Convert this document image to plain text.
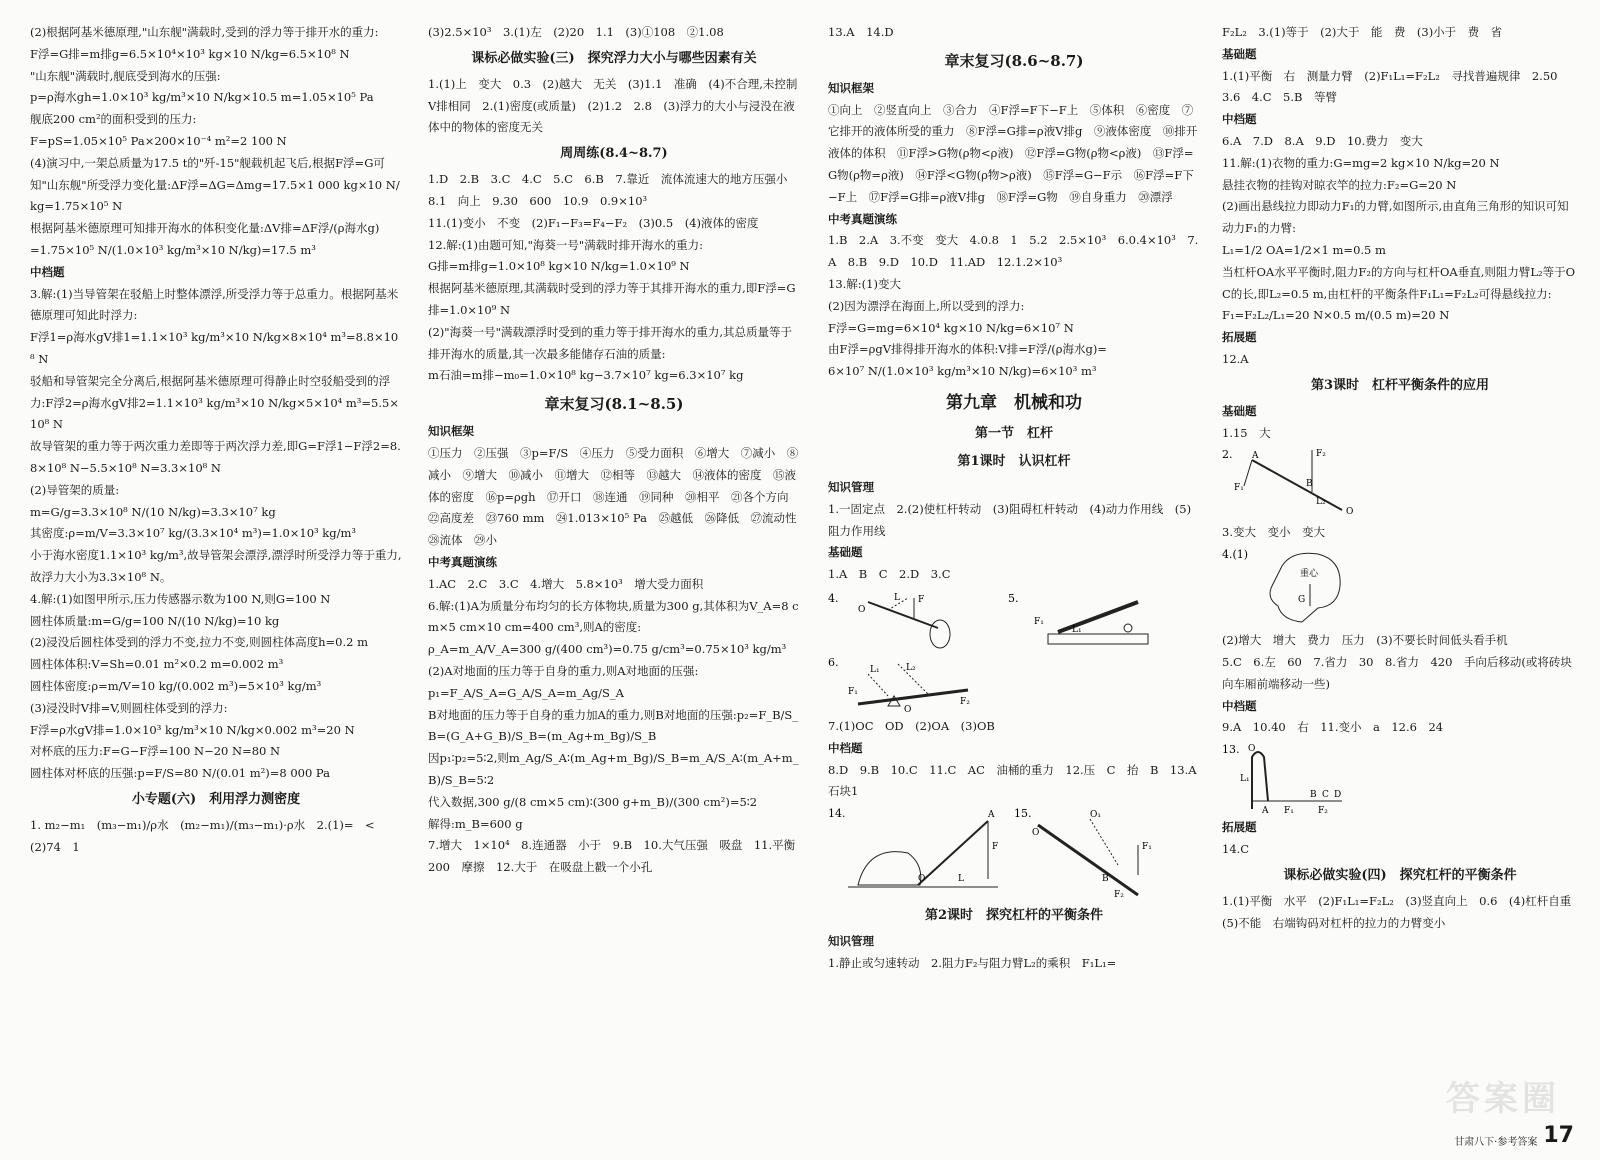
(2)根据阿基米德原理,"山东舰"满载时,受到的浮力等于排开水的重力:

F浮=G排=m排g=6.5×10⁴×10³ kg×10 N/kg=6.5×10⁸ N

"山东舰"满载时,舰底受到海水的压强:

p=ρ海水gh=1.0×10³ kg/m³×10 N/kg×10.5 m=1.05×10⁵ Pa

舰底200 cm²的面积受到的压力:

F=pS=1.05×10⁵ Pa×200×10⁻⁴ m²=2 100 N

(4)演习中,一架总质量为17.5 t的"歼-15"舰载机起飞后,根据F浮=G可知"山东舰"所受浮力变化量:ΔF浮=ΔG=Δmg=17.5×1 000 kg×10 N/kg=1.75×10⁵ N

根据阿基米德原理可知排开海水的体积变化量:ΔV排=ΔF浮/(ρ海水g)

=1.75×10⁵ N/(1.0×10³ kg/m³×10 N/kg)=17.5 m³

中档题

3.解:(1)当导管架在驳船上时整体漂浮,所受浮力等于总重力。根据阿基米德原理可知此时浮力:

F浮1=ρ海水gV排1=1.1×10³ kg/m³×10 N/kg×8×10⁴ m³=8.8×10⁸ N

驳船和导管架完全分离后,根据阿基米德原理可得静止时空驳船受到的浮力:F浮2=ρ海水gV排2=1.1×10³ kg/m³×10 N/kg×5×10⁴ m³=5.5×10⁸ N

故导管架的重力等于两次重力差即等于两次浮力差,即G=F浮1−F浮2=8.8×10⁸ N−5.5×10⁸ N=3.3×10⁸ N

(2)导管架的质量:

m=G/g=3.3×10⁸ N/(10 N/kg)=3.3×10⁷ kg

其密度:ρ=m/V=3.3×10⁷ kg/(3.3×10⁴ m³)=1.0×10³ kg/m³

小于海水密度1.1×10³ kg/m³,故导管架会漂浮,漂浮时所受浮力等于重力,故浮力大小为3.3×10⁸ N。

4.解:(1)如图甲所示,压力传感器示数为100 N,则G=100 N

圆柱体质量:m=G/g=100 N/(10 N/kg)=10 kg

(2)浸没后圆柱体受到的浮力不变,拉力不变,则圆柱体高度h=0.2 m

圆柱体体积:V=Sh=0.01 m²×0.2 m=0.002 m³

圆柱体密度:ρ=m/V=10 kg/(0.002 m³)=5×10³ kg/m³

(3)浸没时V排=V,则圆柱体受到的浮力:

F浮=ρ水gV排=1.0×10³ kg/m³×10 N/kg×0.002 m³=20 N

对杯底的压力:F=G−F浮=100 N−20 N=80 N

圆柱体对杯底的压强:p=F/S=80 N/(0.01 m²)=8 000 Pa

小专题(六)　利用浮力测密度

1. m₂−m₁　(m₃−m₁)/ρ水　(m₂−m₁)/(m₃−m₁)·ρ水　2.(1)=　<　(2)74　1

(3)2.5×10³　3.(1)左　(2)20　1.1　(3)①108　②1.08

课标必做实验(三)　探究浮力大小与哪些因素有关

1.(1)上　变大　0.3　(2)越大　无关　(3)1.1　准确　(4)不合理,未控制V排相同　2.(1)密度(或质量)　(2)1.2　2.8　(3)浮力的大小与浸没在液体中的物体的密度无关

周周练(8.4~8.7)

1.D　2.B　3.C　4.C　5.C　6.B　7.靠近　流体流速大的地方压强小　8.1　向上　9.30　600　10.9　0.9×10³

11.(1)变小　不变　(2)F₁−F₃=F₄−F₂　(3)0.5　(4)液体的密度

12.解:(1)由题可知,"海葵一号"满载时排开海水的重力:

G排=m排g=1.0×10⁸ kg×10 N/kg=1.0×10⁹ N

根据阿基米德原理,其满载时受到的浮力等于其排开海水的重力,即F浮=G排=1.0×10⁹ N

(2)"海葵一号"满载漂浮时受到的重力等于排开海水的重力,其总质量等于排开海水的质量,其一次最多能储存石油的质量:

m石油=m排−m₀=1.0×10⁸ kg−3.7×10⁷ kg=6.3×10⁷ kg

章末复习(8.1~8.5)

知识框架

①压力　②压强　③p=F/S　④压力　⑤受力面积　⑥增大　⑦减小　⑧减小　⑨增大　⑩减小　⑪增大　⑫相等　⑬越大　⑭液体的密度　⑮液体的密度　⑯p=ρgh　⑰开口　⑱连通　⑲同种　⑳相平　㉑各个方向　㉒高度差　㉓760 mm　㉔1.013×10⁵ Pa　㉕越低　㉖降低　㉗流动性　㉘流体　㉙小

中考真题演练

1.AC　2.C　3.C　4.增大　5.8×10³　增大受力面积

6.解:(1)A为质量分布均匀的长方体物块,质量为300 g,其体积为V_A=8 cm×5 cm×10 cm=400 cm³,则A的密度:

ρ_A=m_A/V_A=300 g/(400 cm³)=0.75 g/cm³=0.75×10³ kg/m³

(2)A对地面的压力等于自身的重力,则A对地面的压强:

p₁=F_A/S_A=G_A/S_A=m_Ag/S_A

B对地面的压力等于自身的重力加A的重力,则B对地面的压强:p₂=F_B/S_B=(G_A+G_B)/S_B=(m_Ag+m_Bg)/S_B

因p₁∶p₂=5∶2,则m_Ag/S_A∶(m_Ag+m_Bg)/S_B=m_A/S_A∶(m_A+m_B)/S_B=5∶2

代入数据,300 g/(8 cm×5 cm)∶(300 g+m_B)/(300 cm²)=5∶2

解得:m_B=600 g

7.增大　1×10⁴　8.连通器　小于　9.B　10.大气压强　吸盘　11.平衡　200　摩擦　12.大于　在吸盘上戳一个小孔

13.A　14.D

章末复习(8.6~8.7)

知识框架

①向上　②竖直向上　③合力　④F浮=F下−F上　⑤体积　⑥密度　⑦它排开的液体所受的重力　⑧F浮=G排=ρ液V排g　⑨液体密度　⑩排开液体的体积　⑪F浮>G物(ρ物<ρ液)　⑫F浮=G物(ρ物<ρ液)　⑬F浮=G物(ρ物=ρ液)　⑭F浮<G物(ρ物>ρ液)　⑮F浮=G−F示　⑯F浮=F下−F上　⑰F浮=G排=ρ液V排g　⑱F浮=G物　⑲自身重力　⑳漂浮

中考真题演练

1.B　2.A　3.不变　变大　4.0.8　1　5.2　2.5×10³　6.0.4×10³　7.A　8.B　9.D　10.D　11.AD　12.1.2×10³

13.解:(1)变大

(2)因为漂浮在海面上,所以受到的浮力:

F浮=G=mg=6×10⁴ kg×10 N/kg=6×10⁷ N

由F浮=ρgV排得排开海水的体积:V排=F浮/(ρ海水g)=

6×10⁷ N/(1.0×10³ kg/m³×10 N/kg)=6×10³ m³

第九章　机械和功

第一节　杠杆

第1课时　认识杠杆

知识管理

1.一固定点　2.(2)使杠杆转动　(3)阻碍杠杆转动　(4)动力作用线　(5)阻力作用线

基础题

1.A　B　C　2.D　3.C

4.	L F
O
5.
F₁
L₁
6.
L₁	L₂
O
F₁
F₂

7.(1)OC　OD　(2)OA　(3)OB

中档题

8.D　9.B　10.C　11.C　AC　油桶的重力　12.压　C　抬　B　13.A　石块1

14.	A
F
O	L
15.
O
O₁
F₁
F₂
B

第2课时　探究杠杆的平衡条件

知识管理

1.静止或匀速转动　2.阻力F₂与阻力臂L₂的乘积　F₁L₁=

F₂L₂　3.(1)等于　(2)大于　能　费　(3)小于　费　省

基础题

1.(1)平衡　右　测量力臂　(2)F₁L₁=F₂L₂　寻找普遍规律　2.50　3.6　4.C　5.B　等臂

中档题

6.A　7.D　8.A　9.D　10.费力　变大

11.解:(1)衣物的重力:G=mg=2 kg×10 N/kg=20 N

悬挂衣物的挂钩对晾衣竿的拉力:F₂=G=20 N

(2)画出悬线拉力即动力F₁的力臂,如图所示,由直角三角形的知识可知动力F₁的力臂:

L₁=1/2 OA=1/2×1 m=0.5 m

当杠杆OA水平平衡时,阻力F₂的方向与杠杆OA垂直,则阻力臂L₂等于OC的长,即L₂=0.5 m,由杠杆的平衡条件F₁L₁=F₂L₂可得悬线拉力:

F₁=F₂L₂/L₁=20 N×0.5 m/(0.5 m)=20 N

拓展题

12.A

第3课时　杠杆平衡条件的应用

基础题

1.15　大

2. A
F₁	B
F₂
L₂
O

3.变大　变小　变大

4.(1)
重心
G

(2)增大　增大　费力　压力　(3)不要长时间低头看手机

5.C　6.左　60　7.省力　30　8.省力　420　手向后移动(或将砖块向车厢前端移动一些)

中档题

9.A　10.40　右　11.变小　a　12.6　24

13. O
L₁
A
B C D
F₁	F₂

拓展题

14.C

课标必做实验(四)　探究杠杆的平衡条件

1.(1)平衡　水平　(2)F₁L₁=F₂L₂　(3)竖直向上　0.6　(4)杠杆自重　(5)不能　右端钩码对杠杆的拉力的力臂变小

答案圈
甘肃八下·参考答案 17
